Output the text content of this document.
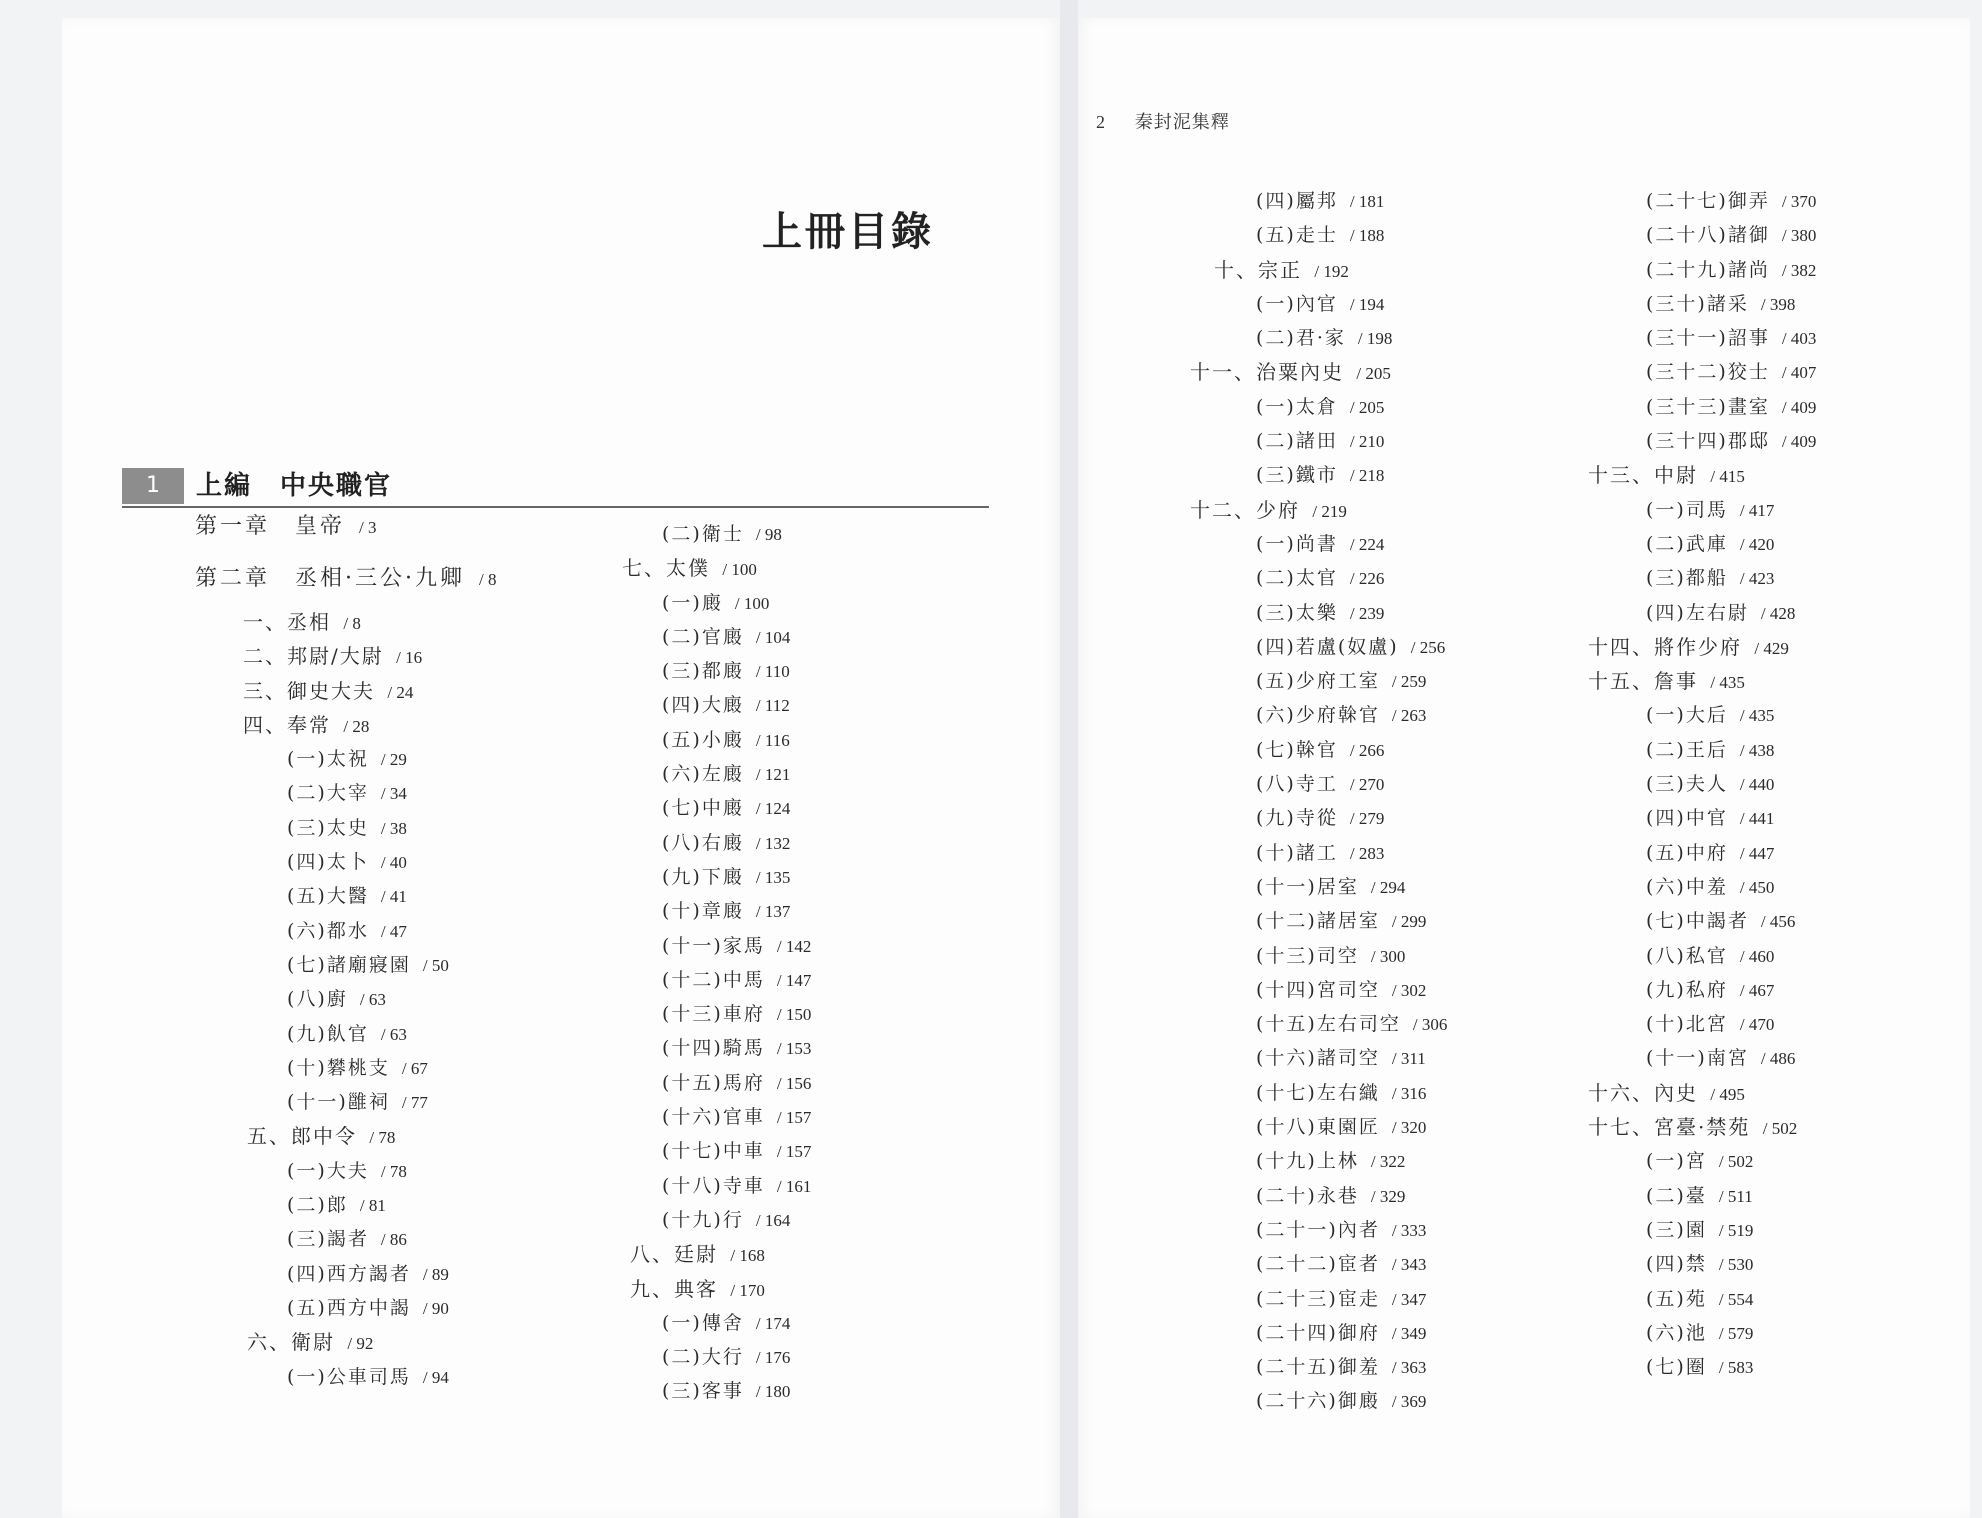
上冊目錄
1	上編　中央職官
第一章　皇帝 / 3
第二章　丞相·三公·九卿 / 8
一、丞相 / 8
二、邦尉/大尉 / 16
三、御史大夫 / 24
四、奉常 / 28
(一)太祝 / 29
(二)大宰 / 34
(三)太史 / 38
(四)太卜 / 40
(五)大醫 / 41
(六)都水 / 47
(七)諸廟寢園 / 50
(八)廚 / 63
(九)飤官 / 63
(十)礬桃支 / 67
(十一)雝祠 / 77
五、郎中令 / 78
(一)大夫 / 78
(二)郎 / 81
(三)謁者 / 86
(四)西方謁者 / 89
(五)西方中謁 / 90
六、衛尉 / 92
(一)公車司馬 / 94
(二)衛士 / 98
七、太僕 / 100
(一)廄 / 100
(二)官廄 / 104
(三)都廄 / 110
(四)大廄 / 112
(五)小廄 / 116
(六)左廄 / 121
(七)中廄 / 124
(八)右廄 / 132
(九)下廄 / 135
(十)章廄 / 137
(十一)家馬 / 142
(十二)中馬 / 147
(十三)車府 / 150
(十四)騎馬 / 153
(十五)馬府 / 156
(十六)官車 / 157
(十七)中車 / 157
(十八)寺車 / 161
(十九)行 / 164
八、廷尉 / 168
九、典客 / 170
(一)傳舍 / 174
(二)大行 / 176
(三)客事 / 180
2 秦封泥集釋
(四)屬邦 / 181
(五)走士 / 188
十、宗正 / 192
(一)內官 / 194
(二)君·家 / 198
十一、治粟內史 / 205
(一)太倉 / 205
(二)諸田 / 210
(三)鐵市 / 218
十二、少府 / 219
(一)尚書 / 224
(二)太官 / 226
(三)太樂 / 239
(四)若盧(奴盧) / 256
(五)少府工室 / 259
(六)少府榦官 / 263
(七)榦官 / 266
(八)寺工 / 270
(九)寺從 / 279
(十)諸工 / 283
(十一)居室 / 294
(十二)諸居室 / 299
(十三)司空 / 300
(十四)宮司空 / 302
(十五)左右司空 / 306
(十六)諸司空 / 311
(十七)左右織 / 316
(十八)東園匠 / 320
(十九)上林 / 322
(二十)永巷 / 329
(二十一)內者 / 333
(二十二)宦者 / 343
(二十三)宦走 / 347
(二十四)御府 / 349
(二十五)御羞 / 363
(二十六)御廄 / 369
(二十七)御弄 / 370
(二十八)諸御 / 380
(二十九)諸尚 / 382
(三十)諸采 / 398
(三十一)詔事 / 403
(三十二)狡士 / 407
(三十三)畫室 / 409
(三十四)郡邸 / 409
十三、中尉 / 415
(一)司馬 / 417
(二)武庫 / 420
(三)都船 / 423
(四)左右尉 / 428
十四、將作少府 / 429
十五、詹事 / 435
(一)大后 / 435
(二)王后 / 438
(三)夫人 / 440
(四)中官 / 441
(五)中府 / 447
(六)中羞 / 450
(七)中謁者 / 456
(八)私官 / 460
(九)私府 / 467
(十)北宮 / 470
(十一)南宮 / 486
十六、內史 / 495
十七、宮臺·禁苑 / 502
(一)宮 / 502
(二)臺 / 511
(三)園 / 519
(四)禁 / 530
(五)苑 / 554
(六)池 / 579
(七)圈 / 583
